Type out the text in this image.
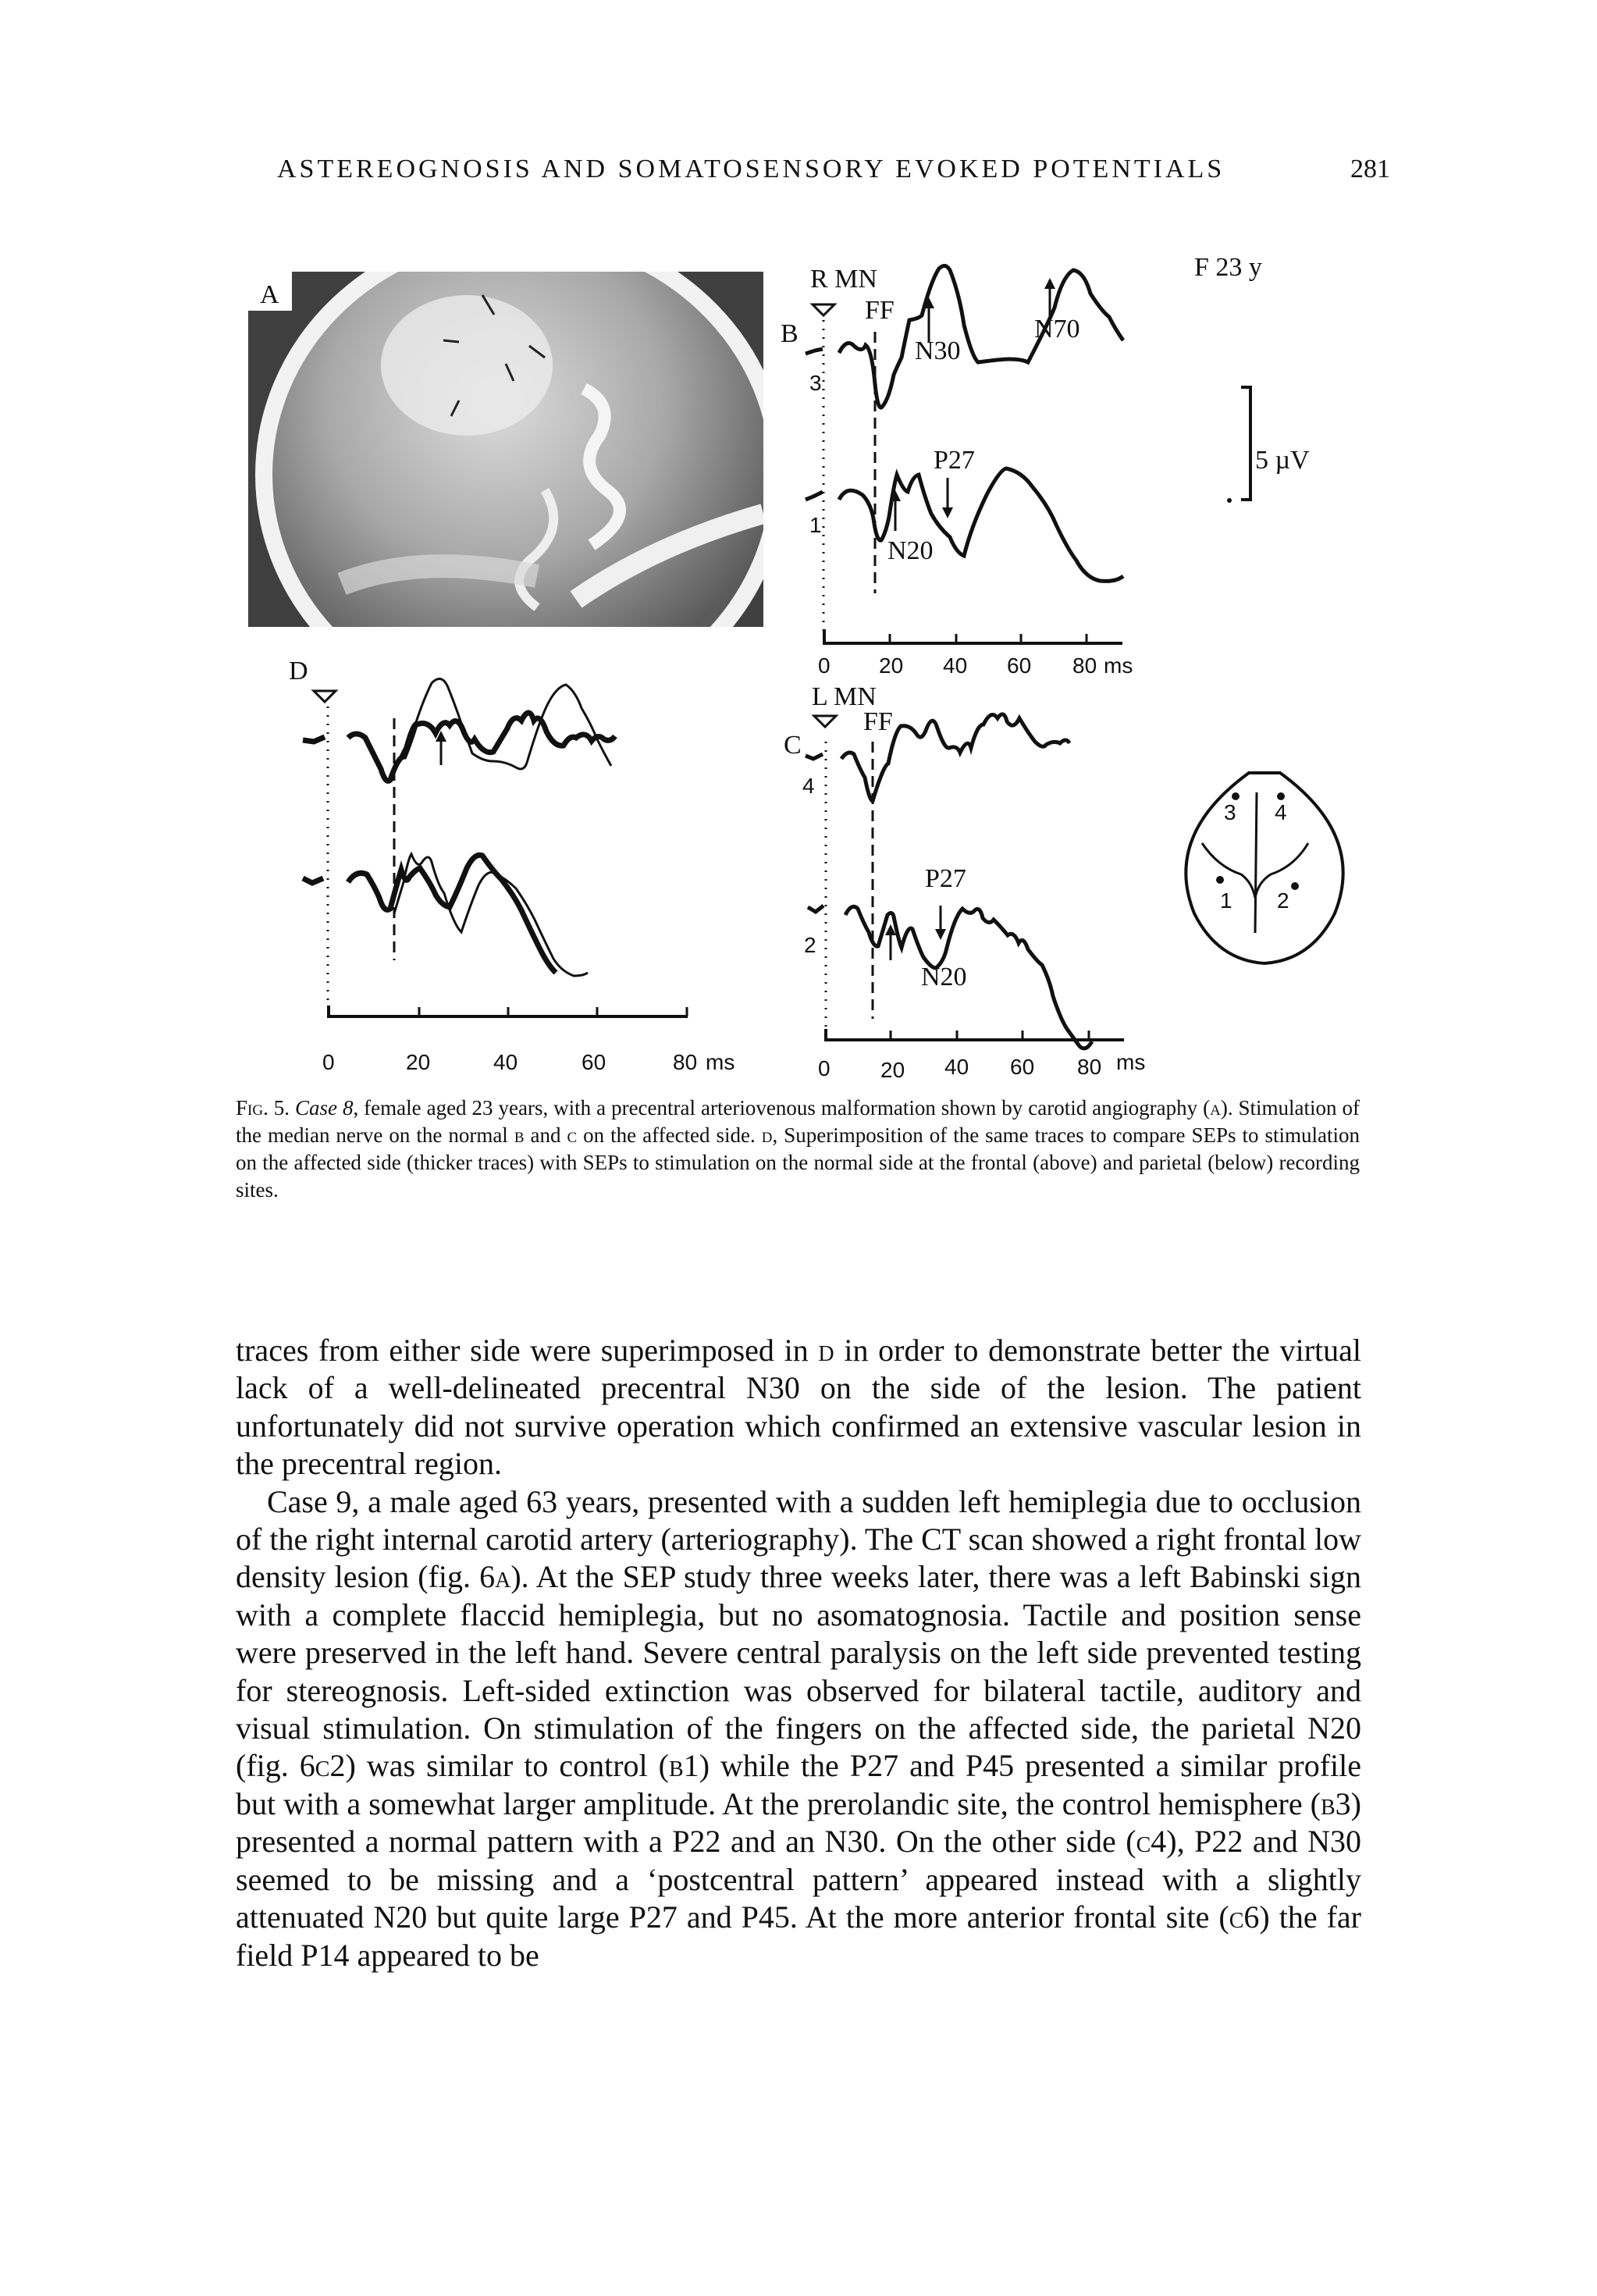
ASTEREOGNOSIS AND SOMATOSENSORY EVOKED POTENTIALS	281
A
B
R MN
FF
F 23 y
3
1
N30
N70
N20
P27	5 µV
0 20 40 60 80 ms
C
L MN
FF
4
2
N20
P27
0 20 40 60 80 ms
3 4
1 2
D
0	20	40	60	80 ms
Fig. 5. Case 8, female aged 23 years, with a precentral arteriovenous malformation shown by carotid angiography (a). Stimulation of the median nerve on the normal b and c on the affected side. d, Superimposition of the same traces to compare SEPs to stimulation on the affected side (thicker traces) with SEPs to stimulation on the normal side at the frontal (above) and parietal (below) recording sites.

traces from either side were superimposed in d in order to demonstrate better the virtual lack of a well-delineated precentral N30 on the side of the lesion. The patient unfortunately did not survive operation which confirmed an extensive vascular lesion in the precentral region.

Case 9, a male aged 63 years, presented with a sudden left hemiplegia due to occlusion of the right internal carotid artery (arteriography). The CT scan showed a right frontal low density lesion (fig. 6a). At the SEP study three weeks later, there was a left Babinski sign with a complete flaccid hemiplegia, but no asomatognosia. Tactile and position sense were preserved in the left hand. Severe central paralysis on the left side prevented testing for stereognosis. Left-sided extinction was observed for bilateral tactile, auditory and visual stimulation. On stimulation of the fingers on the affected side, the parietal N20 (fig. 6c2) was similar to control (b1) while the P27 and P45 presented a similar profile but with a somewhat larger amplitude. At the prerolandic site, the control hemisphere (b3) presented a normal pattern with a P22 and an N30. On the other side (c4), P22 and N30 seemed to be missing and a ‘postcentral pattern’ appeared instead with a slightly attenuated N20 but quite large P27 and P45. At the more anterior frontal site (c6) the far field P14 appeared to be
